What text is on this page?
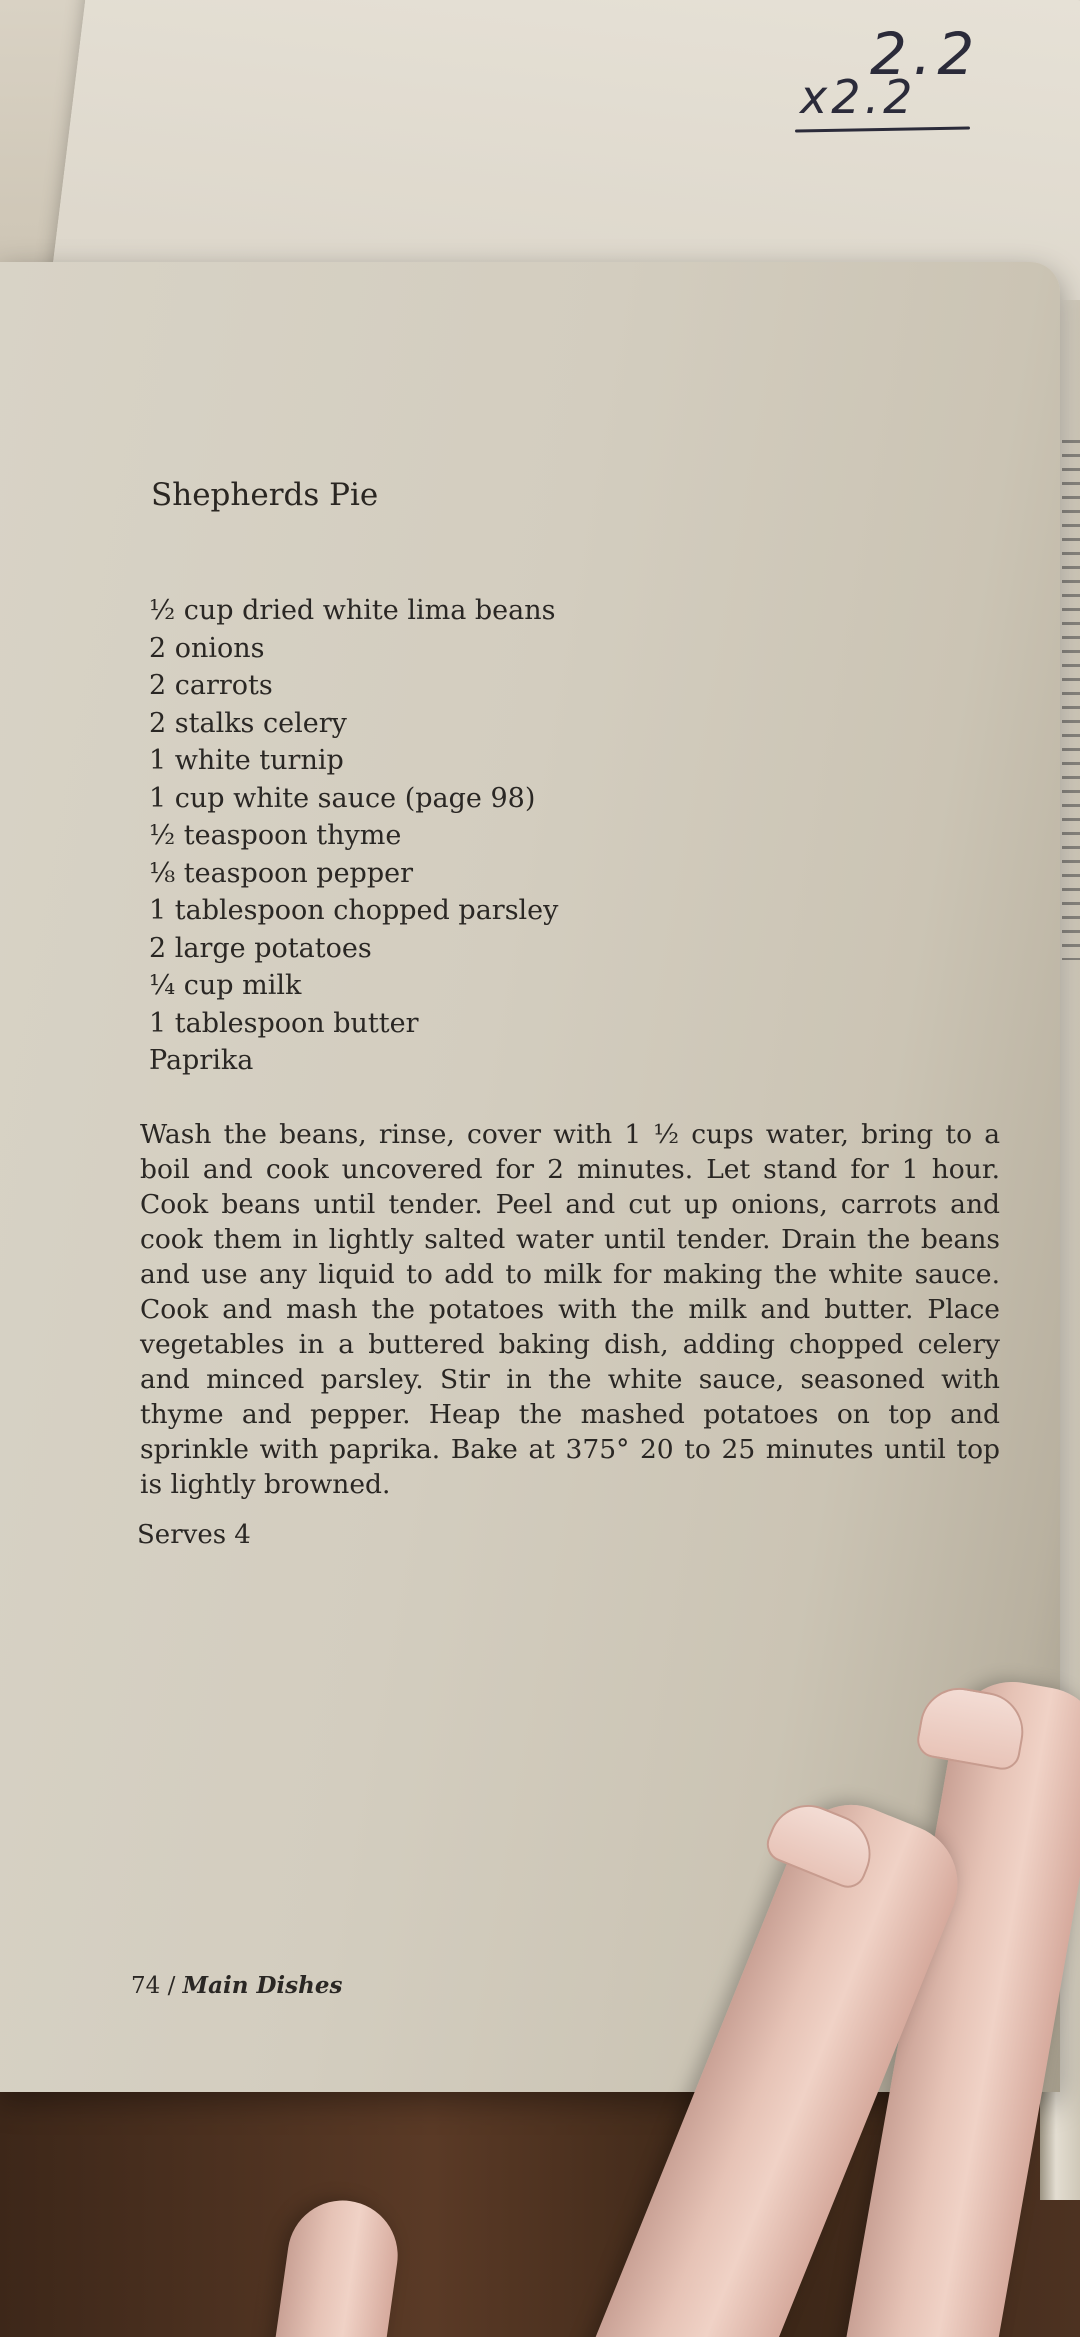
2.2
x2.2
Shepherds Pie
½ cup dried white lima beans
2 onions
2 carrots
2 stalks celery
1 white turnip
1 cup white sauce (page 98)
½ teaspoon thyme
⅛ teaspoon pepper
1 tablespoon chopped parsley
2 large potatoes
¼ cup milk
1 tablespoon butter
Paprika

Wash the beans, rinse, cover with 1 ½ cups water, bring to a boil and cook uncovered for 2 minutes. Let stand for 1 hour. Cook beans until tender. Peel and cut up onions, carrots and cook them in lightly salted water until tender. Drain the beans and use any liquid to add to milk for making the white sauce. Cook and mash the potatoes with the milk and butter. Place vegetables in a buttered baking dish, adding chopped celery and minced parsley. Stir in the white sauce, seasoned with thyme and pepper. Heap the mashed potatoes on top and sprinkle with paprika. Bake at 375° 20 to 25 minutes until top is lightly browned.

Serves 4

74 / Main Dishes
